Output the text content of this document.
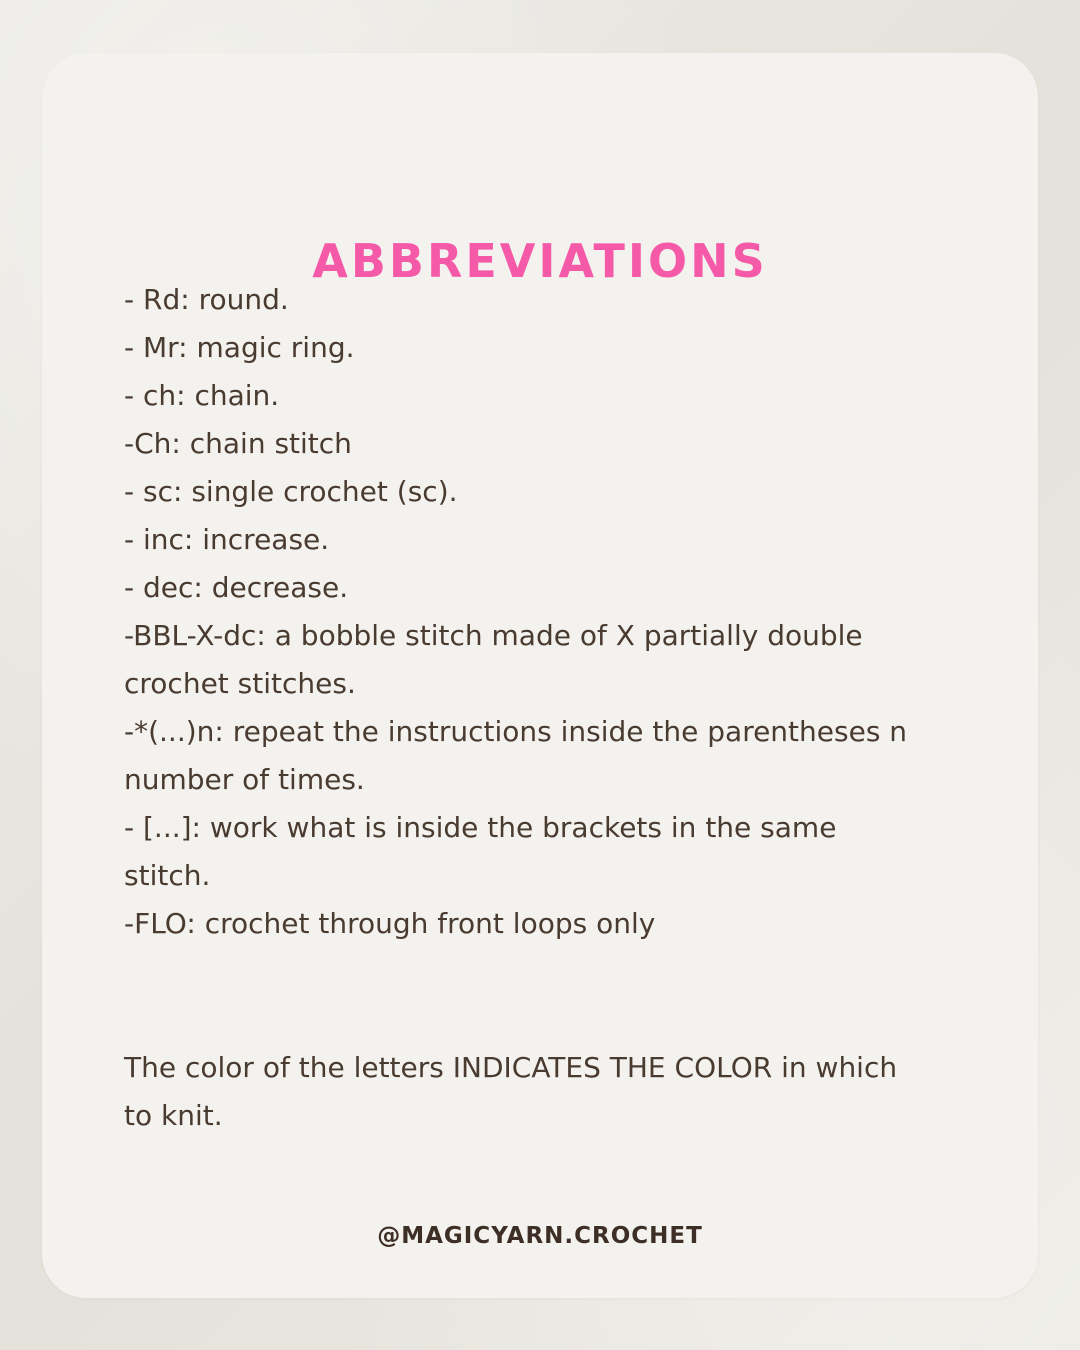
ABBREVIATIONS
- Rd: round.
- Mr: magic ring.
- ch: chain.
-Ch: chain stitch
- sc: single crochet (sc).
- inc: increase.
- dec: decrease.
-BBL-X-dc: a bobble stitch made of X partially double crochet stitches.
-*(...)n: repeat the instructions inside the parentheses n number of times.
- [...]: work what is inside the brackets in the same stitch.
-FLO: crochet through front loops only
The color of the letters INDICATES THE COLOR in which to knit.
@MAGICYARN.CROCHET
